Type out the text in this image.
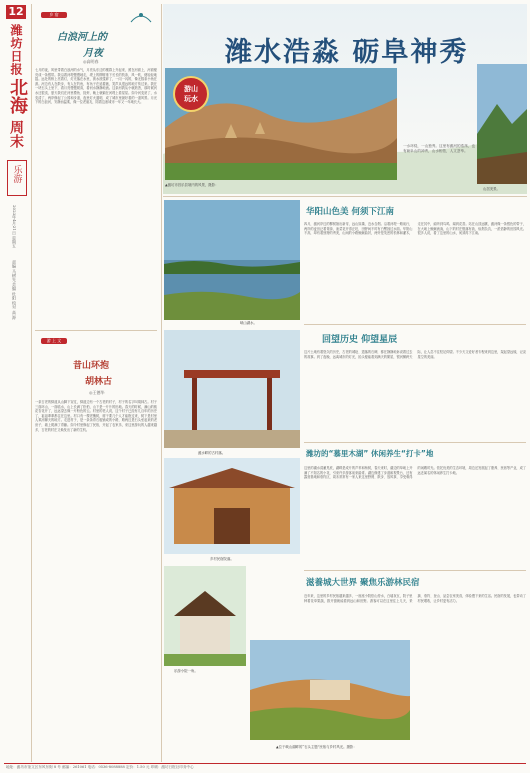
12
潍坊日报
北海
周末
乐游
2023年4月21日 星期五
责编 马树先 美编 杜阳 校对 高 源
乡 宿
白浪河上的
月夜
◎高明春
七月的夜，风里带着白浪河的水气，月亮从东边的楼群上升起来，照在河面上，河面便亮成一条银带。我沿着河堤慢慢地走，堤上的柳树垂下长长的枝条，风一吹，便轻轻地摇。远处的桥上亮着灯，灯光落在水里，被水波揉碎了，一闪一闪的，像无数条小鱼在游。河边有人在散步，有人在钓鱼，有孩子在追着跑，笑声从很远的地方传过来。我在一块石头上坐下，看月亮慢慢爬高，看河水静静地流。这条河我从小就熟悉，那时候河水还很浅，夏天我们在河里摸鱼、捉虾，晚上就躺在河堤上看星星。如今河变宽了，水变清了，两岸修起了公园和步道，夜里灯火通明，成了城市里最好看的一道风景。月光下的白浪河，安静而温柔，像一位老朋友，陪着这座城市一年又一年地长大。
游 上 文
昔山环抱
胡林古
◎王德华
一条古老的驿道从山脚下穿过，驿道边有一个古老的村子，村子的名字叫胡林古。村子三面环山，一面临水，山上长满了松柏，山下是一片片的田地。春天的时候，满山的桃花杏花开了，远远望去像一片粉色的云。村里的老人说，这个村子已经有几百年的历史了，祖祖辈辈都住在这里。村口有一棵老槐树，树干要几个人才能抱过来，树下是村里人乘凉聊天的地方。走进村子，是一条条青石板铺成的小路，路两边是石头垒起来的老房子，墙上爬满了青藤。如今村里修起了民宿，开起了农家乐，来这里游玩的人越来越多，古老的村庄又焕发出了新的生机。
潍水浩淼 砺阜神秀
游山
玩水
▲潍坊市昌乐县境内的风景，摄影：
一水环绕，一山独秀。这里有潍河的浩荡，也有砺阜山的神秀，山水相依，人文荟萃。
山居美景。
峡山湖水。
华阳山色美 何须下江南
四月，潍河岸边的柳树抽出新芽，远山如黛，近水含烟。沿着河堤一路前行，两岸的麦田泛着青绿，油菜花开得正旺，田野间不时有白鹭掠过水面。华阳山不高，却有着独特的秀美，山间的小路蜿蜒曲折，两旁是茂密的松林和灌木，走在其中，能听到鸟鸣，闻到花香。站在山顶远眺，潍河像一条银色的带子，在大地上蜿蜒流淌，山下的村庄错落有致，炊烟袅袅，一派恬静的田园风光。很多人说，看了这里的山水，何须再下江南。
潍水畔的古村落。
回望历史 仰望星辰
这片土地有着悠久的历史，古老的城址、遗落的石碑，都在静静地诉说着过去的故事。到了夜晚，远离城市的灯光，抬头便能看到满天的繁星，银河横跨天际，让人忍不住驻足仰望。不少天文爱好者专程来到这里，架起望远镜，记录星空的美丽。
乡村民宿院落。
潍坊的“慕里木湖” 休闲养生“打卡”地
这里的湖水清澈见底，湖畔是成片的芦苇和杨树，春天来时，湖边的草地上开满了不知名的小花，引来许多游客前来踏青。湖边修建了步道和观景台，还有露营基地和垂钓区，周末常常有一家人来这里野餐、散步、放风筝，享受难得的闲暇时光。依托优美的生态环境，周边还发展起了康养、民宿等产业，成了远近闻名的休闲养生打卡地。
滋養城大世界 聚焦乐游林民宿
近年来，这里的乡村民宿越来越多，一座座小院依山傍水，白墙灰瓦，院子里种着花草果蔬，推开窗就能看到远山和田野。游客可以在这里住上几天，采摘、垂钓、登山、品尝农家美食，体验慢下来的生活。民宿的发展，也带动了村民增收，让乡村更有活力。
乐游小院一角。
▲位于峡山湖畔的“石头主题”民宿与乡村风光。摄影：
地址：潍坊市奎文区东风东街 8 号 邮编：261061 电话：0536-8088888 定价：1.50 元 印刷：潍坊日报社印务中心
